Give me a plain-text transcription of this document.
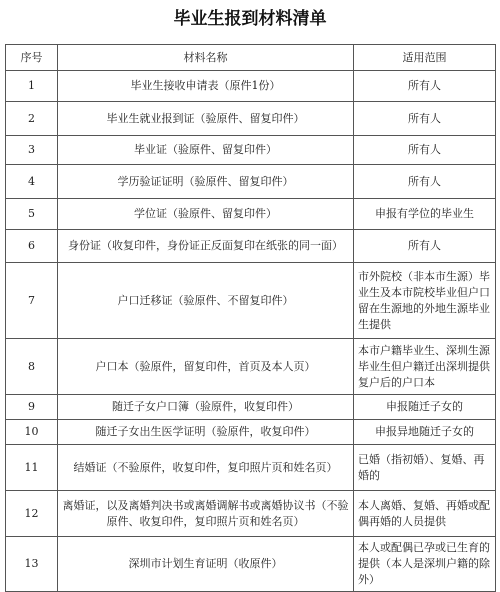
毕业生报到材料清单
序号	材料名称	适用范围
1	毕业生接收申请表（原件1份）	所有人
2	毕业生就业报到证（验原件、留复印件）	所有人
3	毕业证（验原件、留复印件）	所有人
4	学历验证证明（验原件、留复印件）	所有人
5	学位证（验原件、留复印件）	申报有学位的毕业生
6	身份证（收复印件，身份证正反面复印在纸张的同一面）	所有人
7	户口迁移证（验原件、不留复印件）	市外院校（非本市生源）毕业生及本市院校毕业但户口留在生源地的外地生源毕业生提供
8	户口本（验原件，留复印件，首页及本人页）	本市户籍毕业生、深圳生源毕业生但户籍迁出深圳提供复户后的户口本
9	随迁子女户口簿（验原件，收复印件）	申报随迁子女的
10	随迁子女出生医学证明（验原件，收复印件）	申报异地随迁子女的
11	结婚证（不验原件，收复印件，复印照片页和姓名页）	已婚（指初婚）、复婚、再婚的
12	离婚证，以及离婚判决书或离婚调解书或离婚协议书（不验原件、收复印件，复印照片页和姓名页）	本人离婚、复婚、再婚或配偶再婚的人员提供
13	深圳市计划生育证明（收原件）	本人或配偶已孕或已生育的提供（本人是深圳户籍的除外）
